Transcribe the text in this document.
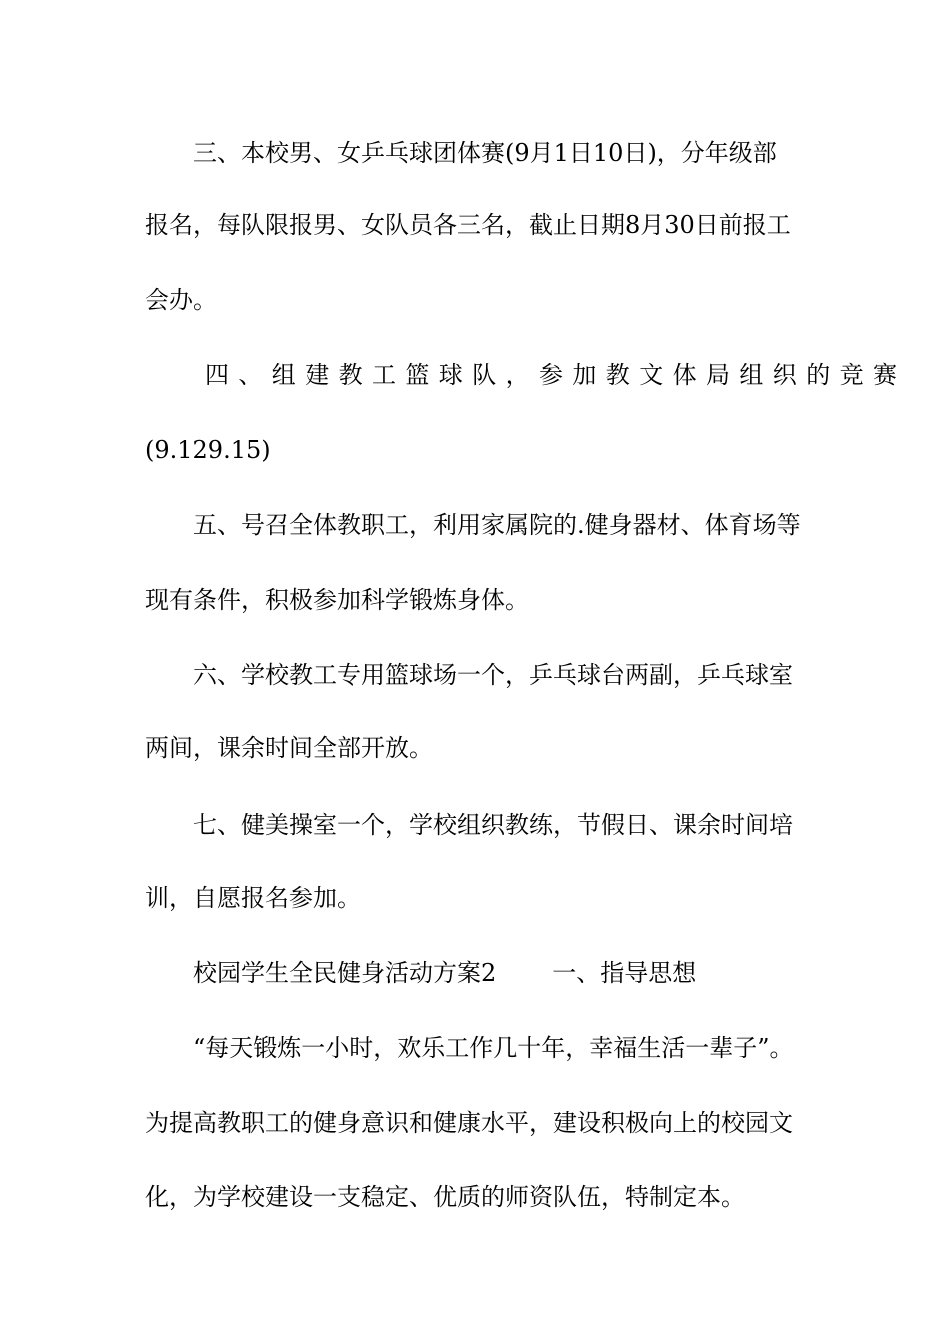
三、本校男、女乒乓球团体赛(9月1日10日)，分年级部
报名，每队限报男、女队员各三名，截止日期8月30日前报工
会办。
四、组建教工篮球队，参加教文体局组织的竞赛
(9.129.15)
五、号召全体教职工，利用家属院的.健身器材、体育场等
现有条件，积极参加科学锻炼身体。
六、学校教工专用篮球场一个，乒乓球台两副，乒乓球室
两间，课余时间全部开放。
七、健美操室一个，学校组织教练，节假日、课余时间培
训，自愿报名参加。
校园学生全民健身活动方案2 一、指导思想
“每天锻炼一小时，欢乐工作几十年，幸福生活一辈子”。
为提高教职工的健身意识和健康水平，建设积极向上的校园文
化，为学校建设一支稳定、优质的师资队伍，特制定本。
